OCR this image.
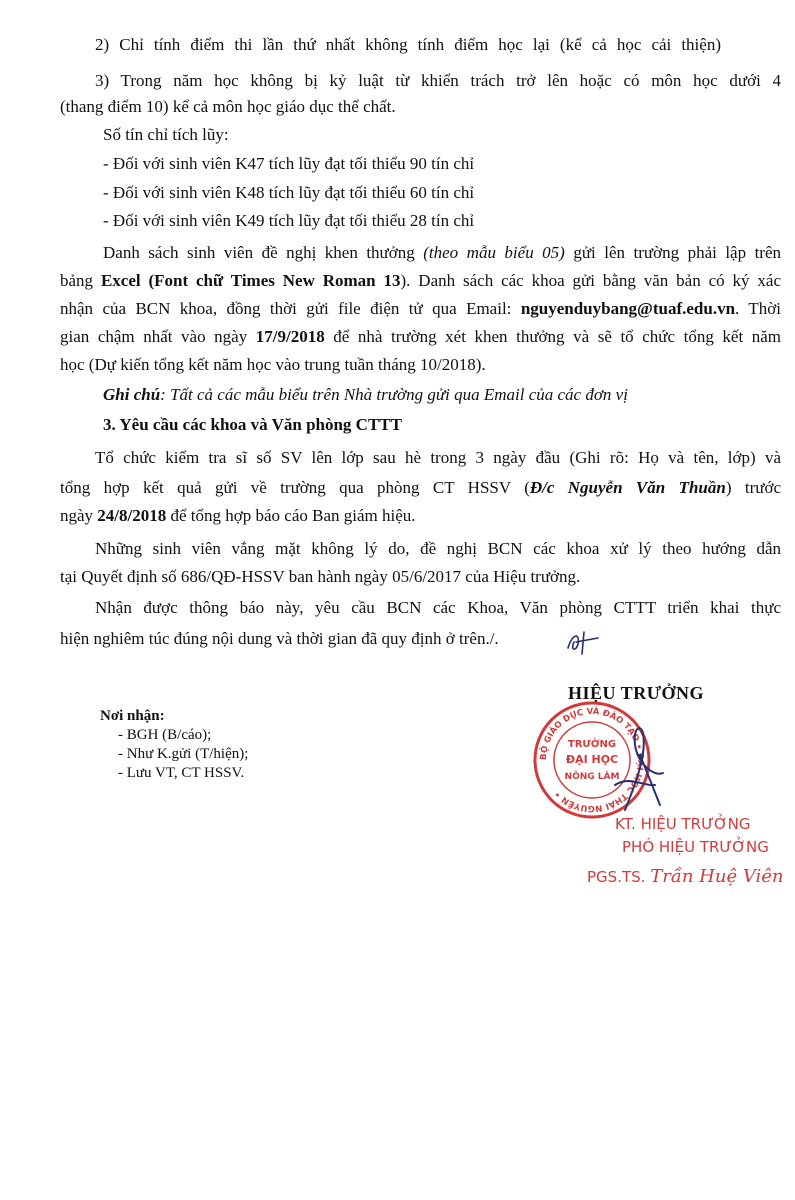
2) Chỉ tính điểm thi lần thứ nhất không tính điểm học lại (kể cả học cải thiện)
3) Trong năm học không bị kỷ luật từ khiển trách trở lên hoặc có môn học dưới 4
(thang điểm 10) kể cả môn học giáo dục thể chất.
Số tín chỉ tích lũy:
- Đối với sinh viên K47 tích lũy đạt tối thiểu 90 tín chỉ
- Đối với sinh viên K48 tích lũy đạt tối thiểu 60 tín chỉ
- Đối với sinh viên K49 tích lũy đạt tối thiểu 28 tín chỉ
Danh sách sinh viên đề nghị khen thưởng (theo mẫu biểu 05) gửi lên trường phải lập trên
bảng Excel (Font chữ Times New Roman 13). Danh sách các khoa gửi bằng văn bản có ký xác
nhận của BCN khoa, đồng thời gửi file điện tử qua Email: nguyenduybang@tuaf.edu.vn. Thời
gian chậm nhất vào ngày 17/9/2018 để nhà trường xét khen thưởng và sẽ tổ chức tổng kết năm
học (Dự kiến tổng kết năm học vào trung tuần tháng 10/2018).
Ghi chú: Tất cả các mẫu biểu trên Nhà trường gửi qua Email của các đơn vị
3. Yêu cầu các khoa và Văn phòng CTTT
Tổ chức kiểm tra sĩ số SV lên lớp sau hè trong 3 ngày đầu (Ghi rõ: Họ và tên, lớp) và
tổng hợp kết quả gửi về trường qua phòng CT HSSV (Đ/c Nguyễn Văn Thuần) trước
ngày 24/8/2018 để tổng hợp báo cáo Ban giám hiệu.
Những sinh viên vắng mặt không lý do, đề nghị BCN các khoa xử lý theo hướng dẫn
tại Quyết định số 686/QĐ-HSSV ban hành ngày 05/6/2017 của Hiệu trưởng.
Nhận được thông báo này, yêu cầu BCN các Khoa, Văn phòng CTTT triển khai thực
hiện nghiêm túc đúng nội dung và thời gian đã quy định ở trên./.
Nơi nhận:
- BGH (B/cáo);
- Như K.gửi (T/hiện);
- Lưu VT, CT HSSV.
HIỆU TRƯỞNG
BỘ GIÁO DỤC VÀ ĐÀO TẠO • ĐẠI HỌC THÁI NGUYÊN •
TRƯỜNG
ĐẠI HỌC
NÔNG LÂM
KT. HIỆU TRƯỞNG
PHÓ HIỆU TRƯỞNG
PGS.TS. Trần Huệ Viên
